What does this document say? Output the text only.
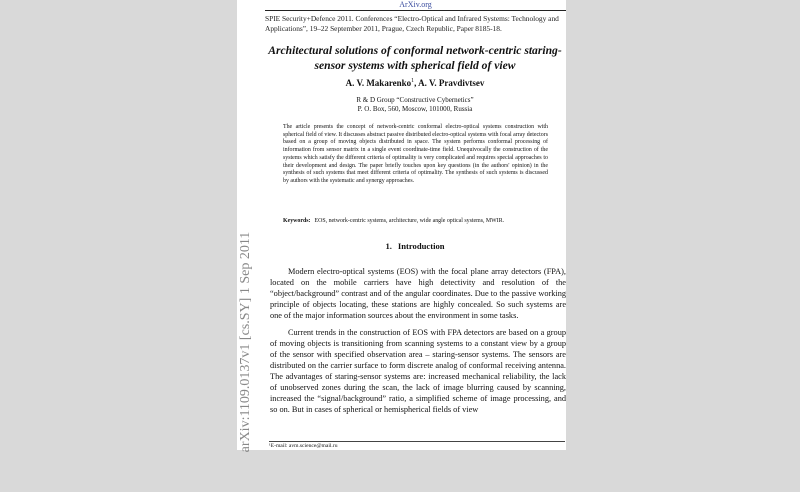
ArXiv.org
SPIE Security+Defence 2011. Conferences “Electro-Optical and Infrared Systems: Technology and Applications”, 19–22 September 2011, Prague, Czech Republic, Paper 8185-18.
Architectural solutions of conformal network-centric staring-sensor systems with spherical field of view
A. V. Makarenko$^1$, A. V. Pravdivtsev
R & D Group “Constructive Cybernetics”
P. O. Box, 560, Moscow, 101000, Russia
The article presents the concept of network-centric conformal electro-optical systems construction with spherical field of view. It discusses abstract passive distributed electro-optical systems with focal array detectors based on a group of moving objects distributed in space. The system performs conformal processing of information from sensor matrix in a single event coordinate-time field. Unequivocally the construction of the systems which satisfy the different criteria of optimality is very complicated and requires special approaches to their development and design. The paper briefly touches upon key questions (in the authors' opinion) in the synthesis of such systems that meet different criteria of optimality. The synthesis of such systems is discussed by authors with the systematic and synergy approaches.
Keywords: EOS, network-centric systems, architecture, wide angle optical systems, MWIR.
1. Introduction

Modern electro-optical systems (EOS) with the focal plane array detectors (FPA), located on the mobile carriers have high detectivity and resolution of the “object/background” contrast and of the angular coordinates. Due to the passive working principle of objects locating, these stations are highly concealed. So such systems are one of the major information sources about the environment in some tasks.

Current trends in the construction of EOS with FPA detectors are based on a group of moving objects is transitioning from scanning systems to a constant view by a group of the sensor with specified observation area – staring-sensor systems. The sensors are distributed on the carrier surface to form discrete analog of conformal receiving antenna. The advantages of staring-sensor systems are: increased mechanical reliability, the lack of unobserved zones during the scan, the lack of image blurring caused by scanning, increased the “signal/background” ratio, a simplified scheme of image processing, and so on. But in cases of spherical or hemispherical fields of view

¹E-mail: avm.science@mail.ru
arXiv:1109.0137v1 [cs.SY] 1 Sep 2011
